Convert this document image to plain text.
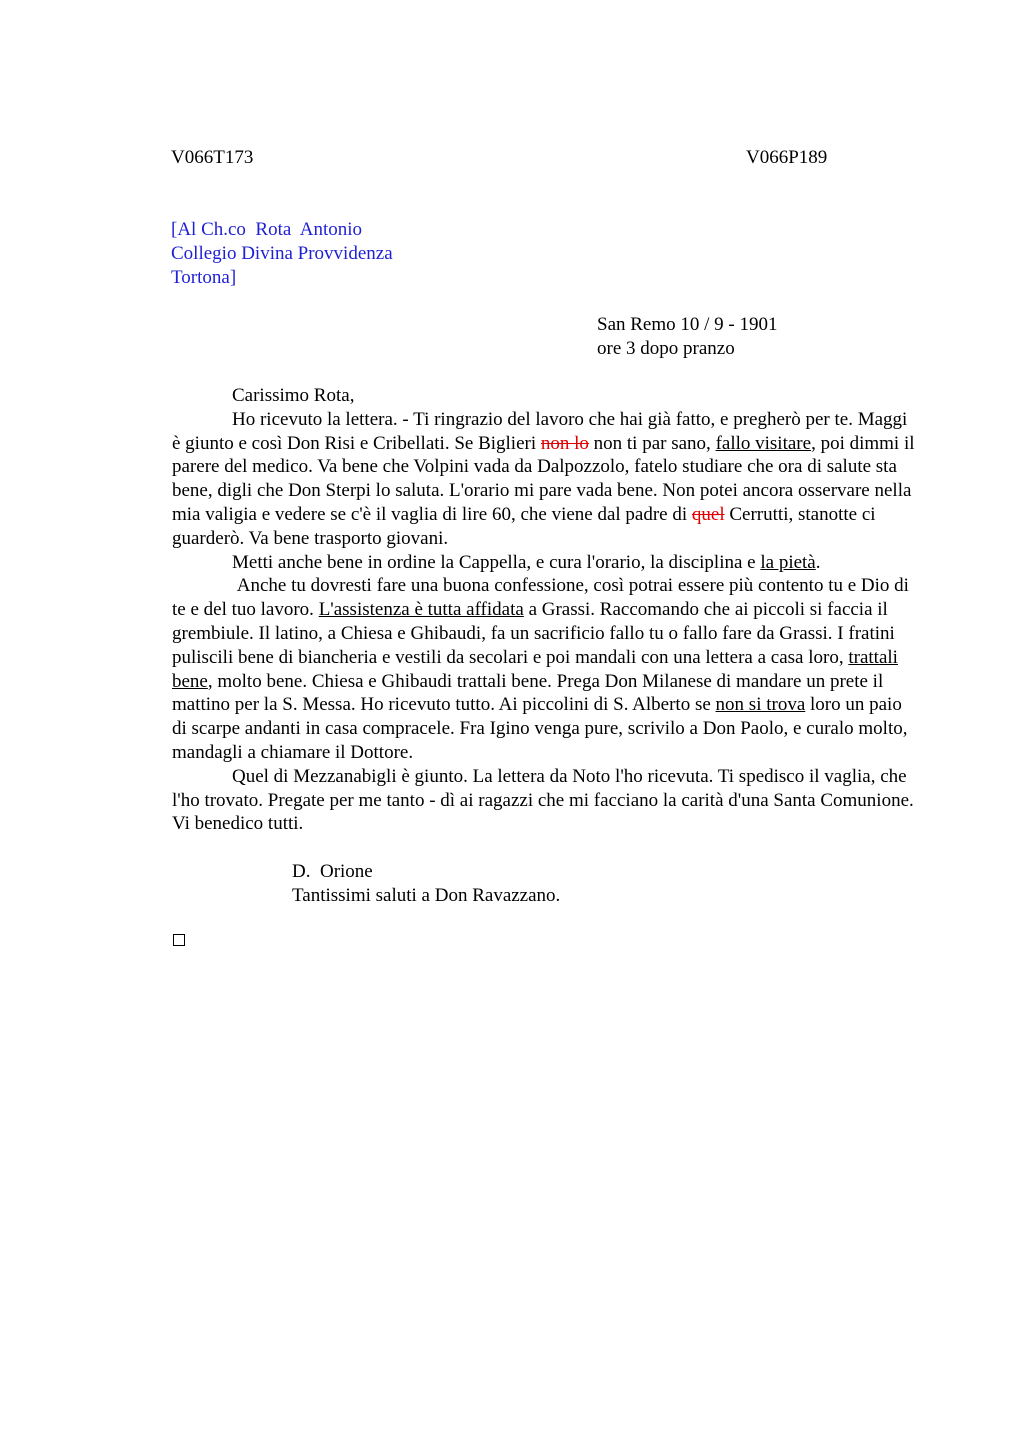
V066T173	V066P189
[Al Ch.co  Rota  Antonio
Collegio Divina Provvidenza
Tortona]
San Remo 10 / 9 - 1901
ore 3 dopo pranzo

Carissimo Rota,

Ho ricevuto la lettera. - Ti ringrazio del lavoro che hai già fatto, e pregherò per te. Maggi è giunto e così Don Risi e Cribellati. Se Biglieri non lo non ti par sano, fallo visitare, poi dimmi il parere del medico. Va bene che Volpini vada da Dalpozzolo, fatelo studiare che ora di salute sta bene, digli che Don Sterpi lo saluta. L'orario mi pare vada bene. Non potei ancora osservare nella mia valigia e vedere se c'è il vaglia di lire 60, che viene dal padre di quel Cerrutti, stanotte ci guarderò. Va bene trasporto giovani.

Metti anche bene in ordine la Cappella, e cura l'orario, la disciplina e la pietà.

Anche tu dovresti fare una buona confessione, così potrai essere più contento tu e Dio di te e del tuo lavoro. L'assistenza è tutta affidata a Grassi. Raccomando che ai piccoli si faccia il grembiule. Il latino, a Chiesa e Ghibaudi, fa un sacrificio fallo tu o fallo fare da Grassi. I fratini puliscili bene di biancheria e vestili da secolari e poi mandali con una lettera a casa loro, trattali bene, molto bene. Chiesa e Ghibaudi trattali bene. Prega Don Milanese di mandare un prete il mattino per la S. Messa. Ho ricevuto tutto. Ai piccolini di S. Alberto se non si trova loro un paio di scarpe andanti in casa compracele. Fra Igino venga pure, scrivilo a Don Paolo, e curalo molto, mandagli a chiamare il Dottore.

Quel di Mezzanabigli è giunto. La lettera da Noto l'ho ricevuta. Ti spedisco il vaglia, che l'ho trovato. Pregate per me tanto - dì ai ragazzi che mi facciano la carità d'una Santa Comunione. Vi benedico tutti.

D.  Orione
Tantissimi saluti a Don Ravazzano.
